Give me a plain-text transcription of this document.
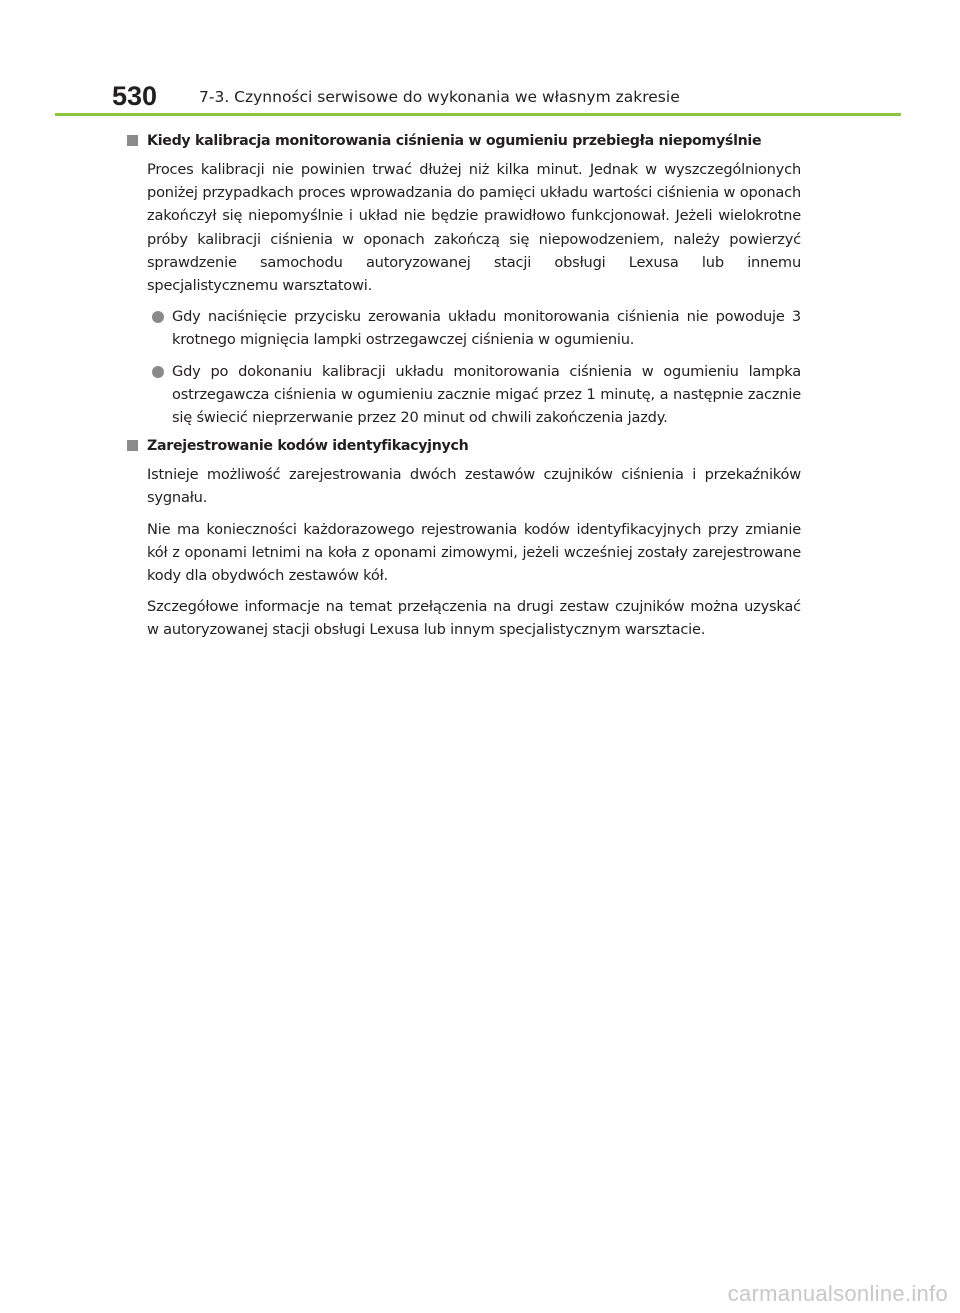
530	7-3. Czynności serwisowe do wykonania we własnym zakresie
Kiedy kalibracja monitorowania ciśnienia w ogumieniu przebiegła niepomyślnie

Proces kalibracji nie powinien trwać dłużej niż kilka minut. Jednak w wyszczególnionych poniżej przypadkach proces wprowadzania do pamięci układu wartości ciśnienia w oponach zakończył się niepomyślnie i układ nie będzie prawidłowo funkcjonował. Jeżeli wielokrotne próby kalibracji ciśnienia w oponach zakończą się niepowodzeniem, należy powierzyć sprawdzenie samochodu autoryzowanej stacji obsługi Lexusa lub innemu specjalistycznemu warsztatowi.

Gdy naciśnięcie przycisku zerowania układu monitorowania ciśnienia nie powoduje 3 krotnego mignięcia lampki ostrzegawczej ciśnienia w ogumieniu.
Gdy po dokonaniu kalibracji układu monitorowania ciśnienia w ogumieniu lampka ostrzegawcza ciśnienia w ogumieniu zacznie migać przez 1 minutę, a następnie zacznie się świecić nieprzerwanie przez 20 minut od chwili zakończenia jazdy.
Zarejestrowanie kodów identyfikacyjnych

Istnieje możliwość zarejestrowania dwóch zestawów czujników ciśnienia i przekaźników sygnału.

Nie ma konieczności każdorazowego rejestrowania kodów identyfikacyjnych przy zmianie kół z oponami letnimi na koła z oponami zimowymi, jeżeli wcześniej zostały zarejestrowane kody dla obydwóch zestawów kół.

Szczegółowe informacje na temat przełączenia na drugi zestaw czujników można uzyskać w autoryzowanej stacji obsługi Lexusa lub innym specjalistycznym warsztacie.

carmanualsonline.info
